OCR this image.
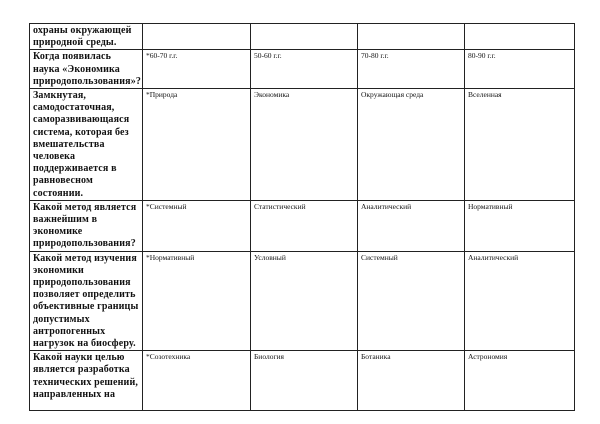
охраны окружающей природной среды.				
Когда появилась наука «Экономика природопользования»?	*60-70 г.г.	50-60 г.г.	70-80 г.г.	80-90 г.г.
Замкнутая, самодостаточная, саморазвивающаяся система, которая без вмешательства человека поддерживается в равновесном состоянии.	*Природа	Экономика	Окружающая среда	Вселенная
Какой метод является важнейшим в экономике природопользования?	*Системный	Статистический	Аналитический	Нормативный
Какой метод изучения экономики природопользования позволяет определить объективные границы допустимых антропогенных нагрузок на биосферу.	*Нормативный	Условный	Системный	Аналитический
Какой науки целью является разработка технических решений, направленных на	*Созотехника	Биология	Ботаника	Астрономия
